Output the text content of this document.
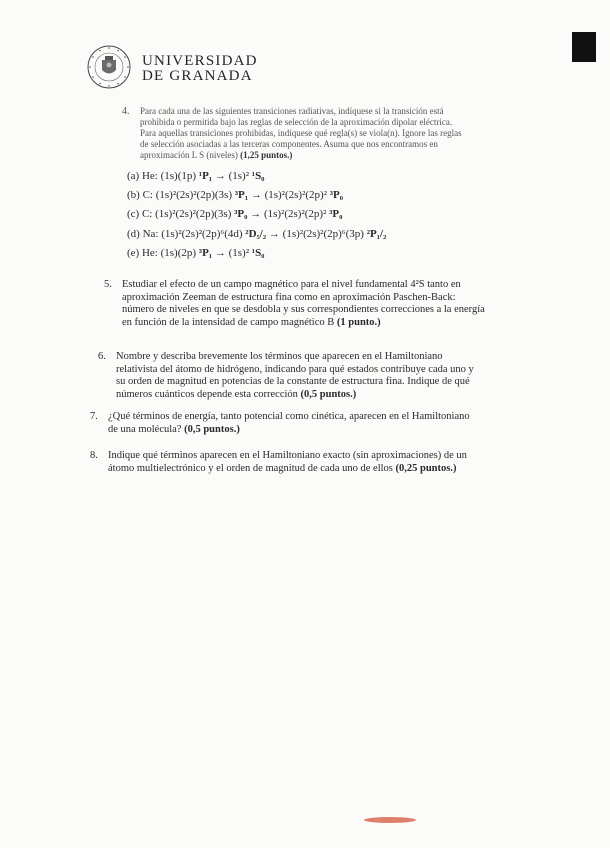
UNIVERSIDAD
DE GRANADA
4. Para cada una de las siguientes transiciones radiativas, indíquese si la transición está
prohibida o permitida bajo las reglas de selección de la aproximación dipolar eléctrica.
Para aquellas transiciones prohibidas, indíquese qué regla(s) se viola(n). Ignore las reglas
de selección asociadas a las terceras componentes. Asuma que nos encontramos en
aproximación L S (niveles) (1,25 puntos.)
(a) He: (1s)(1p) ¹P₁ → (1s)² ¹S₀
(b) C: (1s)²(2s)²(2p)(3s) ³P₁ → (1s)²(2s)²(2p)² ³P₀
(c) C: (1s)²(2s)²(2p)(3s) ³P₀ → (1s)²(2s)²(2p)² ³P₀
(d) Na: (1s)²(2s)²(2p)⁶(4d) ²D₅/₂ → (1s)²(2s)²(2p)⁶(3p) ²P₁/₂
(e) He: (1s)(2p) ³P₁ → (1s)² ¹S₀
5. Estudiar el efecto de un campo magnético para el nivel fundamental 4²S tanto en
aproximación Zeeman de estructura fina como en aproximación Paschen-Back:
número de niveles en que se desdobla y sus correspondientes correcciones a la energía
en función de la intensidad de campo magnético B (1 punto.)
6. Nombre y describa brevemente los términos que aparecen en el Hamiltoniano
relativista del átomo de hidrógeno, indicando para qué estados contribuye cada uno y
su orden de magnitud en potencias de la constante de estructura fina. Indique de qué
números cuánticos depende esta corrección (0,5 puntos.)
7. ¿Qué términos de energía, tanto potencial como cinética, aparecen en el Hamiltoniano
de una molécula? (0,5 puntos.)
8. Indique qué términos aparecen en el Hamiltoniano exacto (sin aproximaciones) de un
átomo multielectrónico y el orden de magnitud de cada uno de ellos (0,25 puntos.)
